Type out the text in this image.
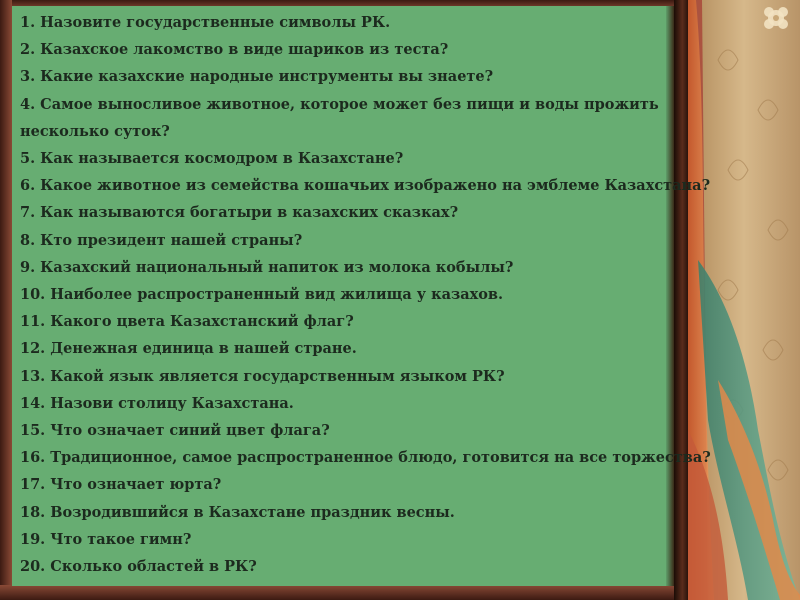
1. Назовите государственные символы РК.
2. Казахское лакомство в виде шариков из теста?
3. Какие казахские народные инструменты вы знаете?
4. Самое выносливое животное, которое может без пищи и воды прожить
несколько суток?
5. Как называется космодром в Казахстане?
6. Какое животное из семейства кошачьих изображено на эмблеме Казахстана?
7. Как называются богатыри в казахских сказках?
8. Кто президент нашей страны?
9. Казахский национальный напиток из молока кобылы?
10. Наиболее распространенный вид жилища у казахов.
11. Какого цвета Казахстанский флаг?
12. Денежная единица в нашей стране.
13. Какой язык является государственным языком РК?
14. Назови столицу Казахстана.
15. Что означает синий цвет флага?
16. Традиционное, самое распространенное блюдо, готовится на все торжества?
17. Что означает юрта?
18. Возродившийся в Казахстане праздник весны.
19. Что такое гимн?
20. Сколько областей в РК?
